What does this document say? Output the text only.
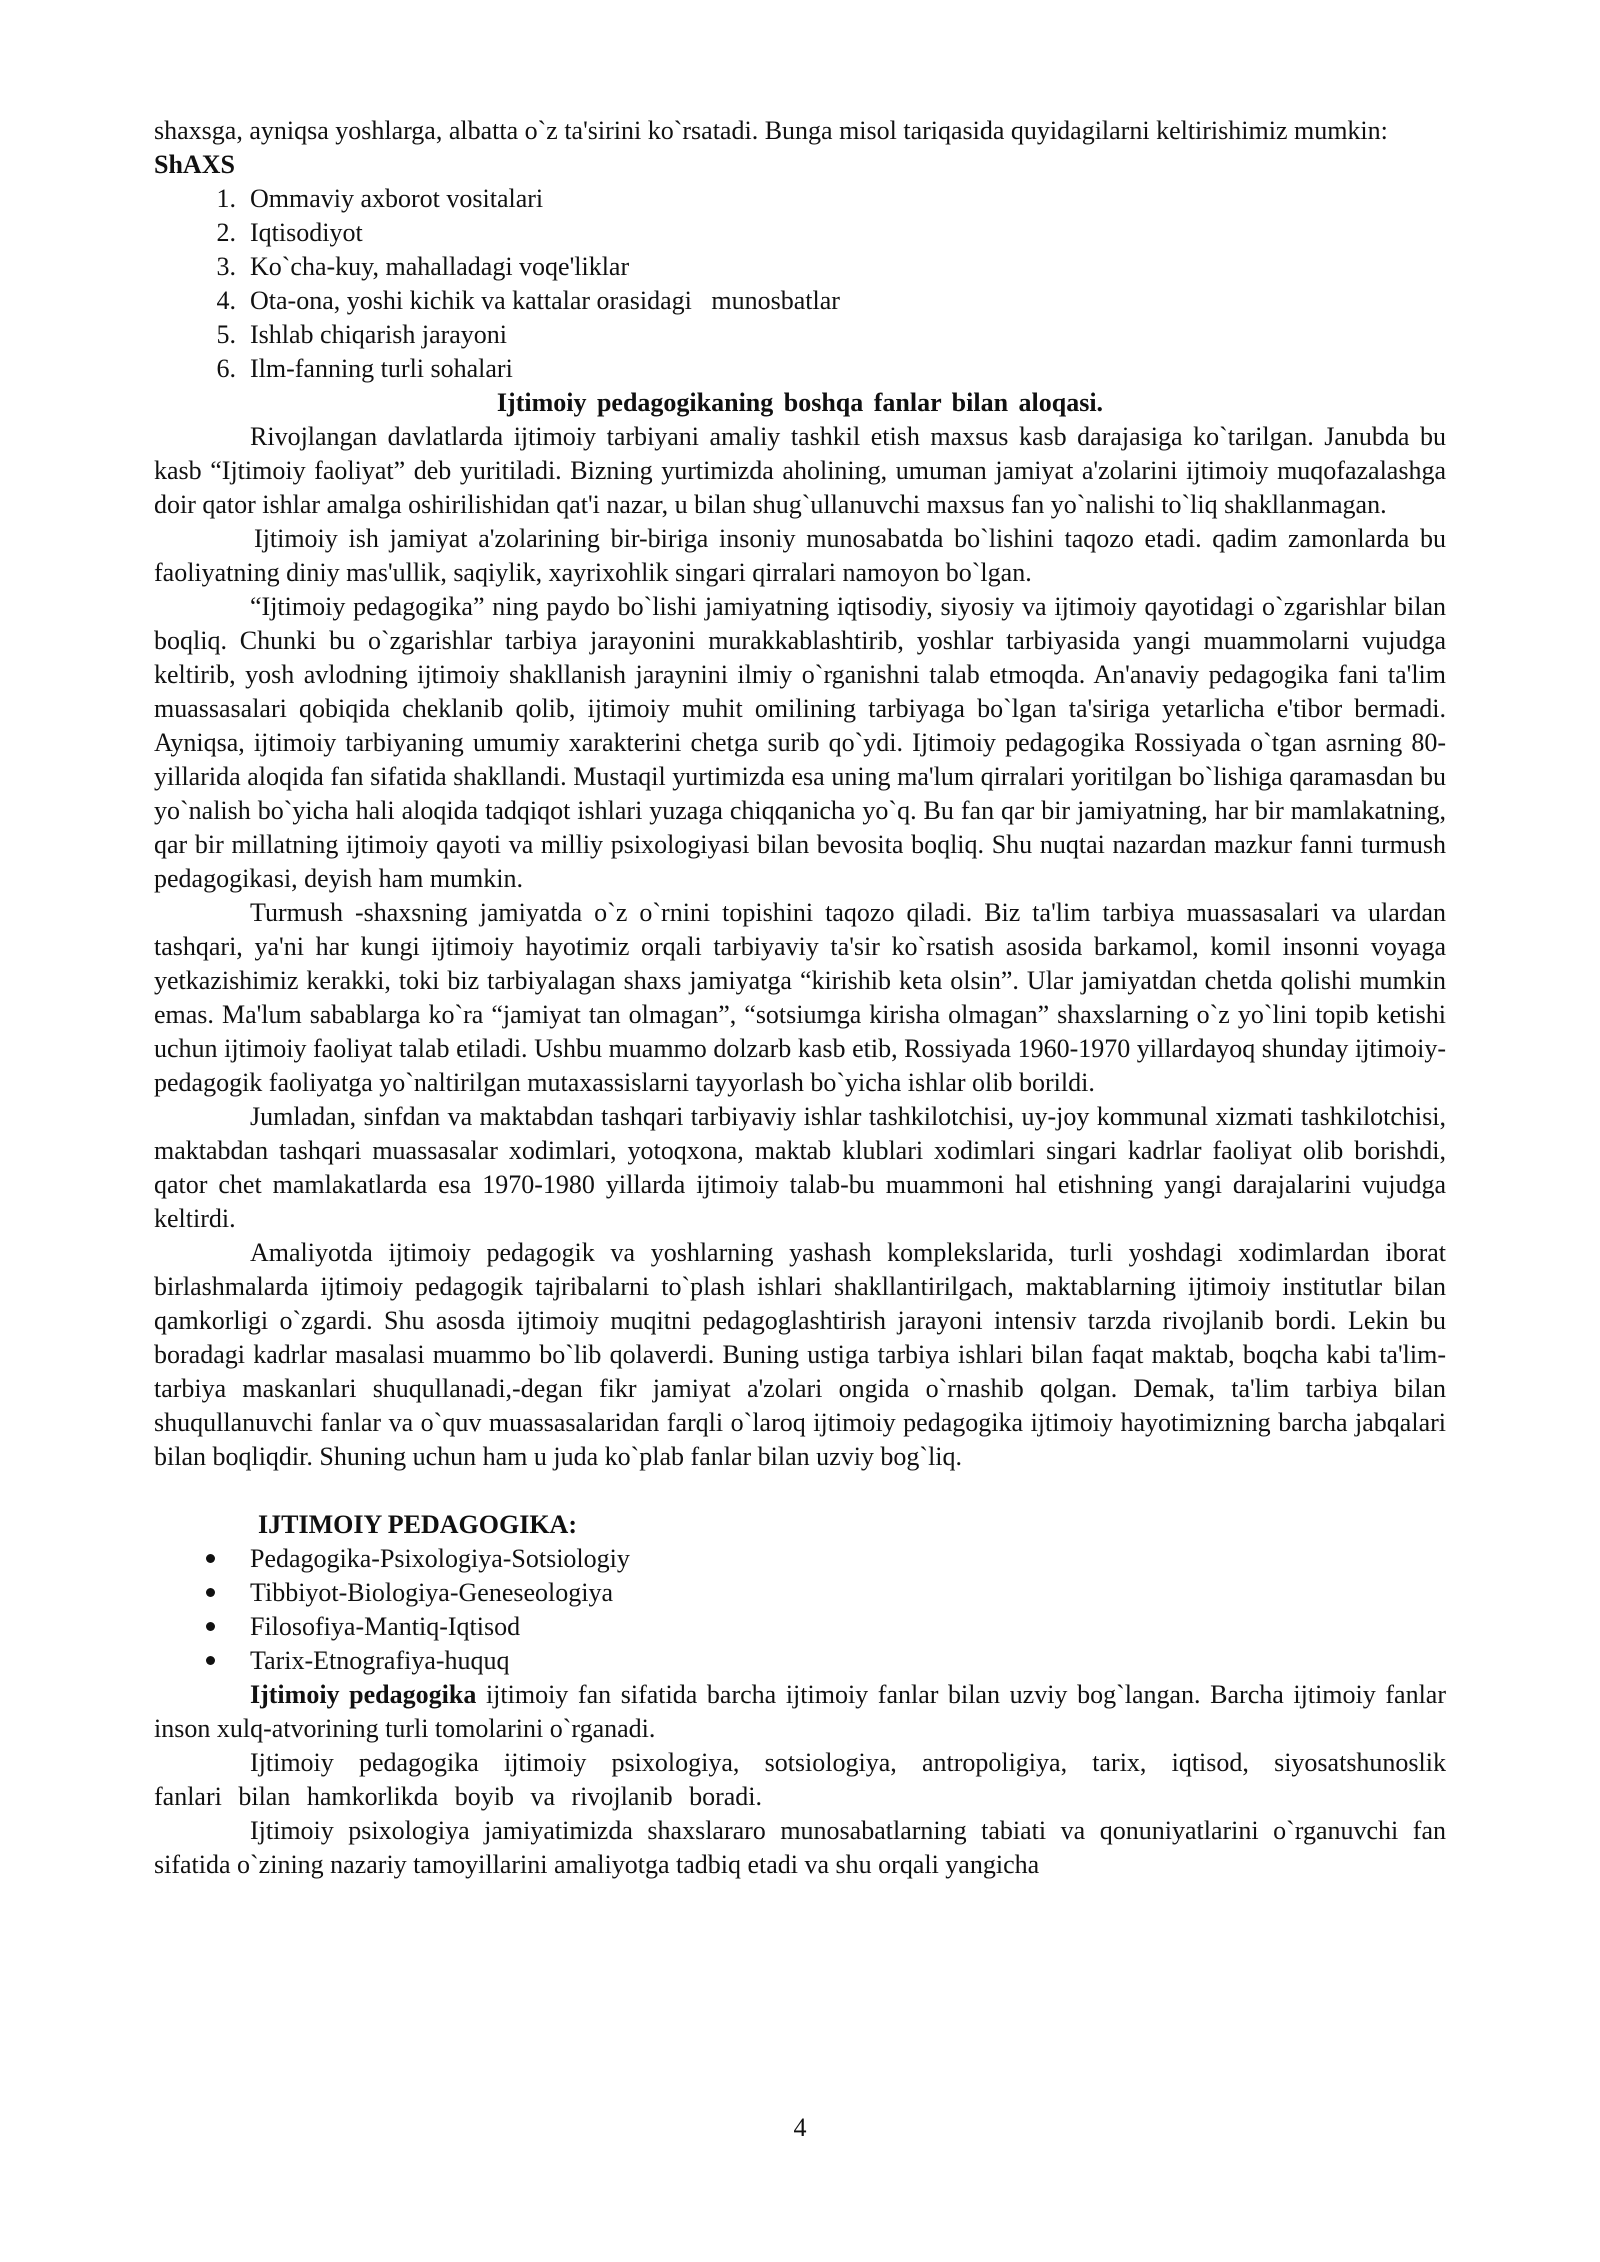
shaxsga, ayniqsa yoshlarga, albatta o`z ta'sirini ko`rsatadi. Bunga misol tariqasida quyidagilarni keltirishimiz mumkin:

ShAXS

1. Ommaviy axborot vositalari
2. Iqtisodiyot
3. Ko`cha-kuy, mahalladagi voqe'liklar
4. Ota-ona, yoshi kichik va kattalar orasidagi   munosbatlar
5. Ishlab chiqarish jarayoni
6. Ilm-fanning turli sohalari

Ijtimoiy pedagogikaning boshqa fanlar bilan aloqasi.

Rivojlangan davlatlarda ijtimoiy tarbiyani amaliy tashkil etish maxsus kasb darajasiga ko`tarilgan. Janubda bu kasb “Ijtimoiy faoliyat” deb yuritiladi. Bizning yurtimizda aholining, umuman jamiyat a'zolarini ijtimoiy muqofazalashga doir qator ishlar amalga oshirilishidan qat'i nazar, u bilan shug`ullanuvchi maxsus fan yo`nalishi to`liq shakllanmagan.

Ijtimoiy ish jamiyat a'zolarining bir-biriga insoniy munosabatda bo`lishini taqozo etadi. qadim zamonlarda bu faoliyatning diniy mas'ullik, saqiylik, xayrixohlik singari qirralari namoyon bo`lgan.

“Ijtimoiy pedagogika” ning paydo bo`lishi jamiyatning iqtisodiy, siyosiy va ijtimoiy qayotidagi o`zgarishlar bilan boqliq. Chunki bu o`zgarishlar tarbiya jarayonini murakkablashtirib, yoshlar tarbiyasida yangi muammolarni vujudga keltirib, yosh avlodning ijtimoiy shakllanish jaraynini ilmiy o`rganishni talab etmoqda. An'anaviy pedagogika fani ta'lim muassasalari qobiqida cheklanib qolib, ijtimoiy muhit omilining tarbiyaga bo`lgan ta'siriga yetarlicha e'tibor bermadi. Ayniqsa, ijtimoiy tarbiyaning umumiy xarakterini chetga surib qo`ydi. Ijtimoiy pedagogika Rossiyada o`tgan asrning 80-yillarida aloqida fan sifatida shakllandi. Mustaqil yurtimizda esa uning ma'lum qirralari yoritilgan bo`lishiga qaramasdan bu yo`nalish bo`yicha hali aloqida tadqiqot ishlari yuzaga chiqqanicha yo`q. Bu fan qar bir jamiyatning, har bir mamlakatning, qar bir millatning ijtimoiy qayoti va milliy psixologiyasi bilan bevosita boqliq. Shu nuqtai nazardan mazkur fanni turmush pedagogikasi, deyish ham mumkin.

Turmush -shaxsning jamiyatda o`z o`rnini topishini taqozo qiladi. Biz ta'lim tarbiya muassasalari va ulardan tashqari, ya'ni har kungi ijtimoiy hayotimiz orqali tarbiyaviy ta'sir ko`rsatish asosida barkamol, komil insonni voyaga yetkazishimiz kerakki, toki biz tarbiyalagan shaxs jamiyatga “kirishib keta olsin”. Ular jamiyatdan chetda qolishi mumkin emas. Ma'lum sabablarga ko`ra “jamiyat tan olmagan”, “sotsiumga kirisha olmagan” shaxslarning o`z yo`lini topib ketishi uchun ijtimoiy faoliyat talab etiladi. Ushbu muammo dolzarb kasb etib, Rossiyada 1960-1970 yillardayoq shunday ijtimoiy-pedagogik faoliyatga yo`naltirilgan mutaxassislarni tayyorlash bo`yicha ishlar olib borildi.

Jumladan, sinfdan va maktabdan tashqari tarbiyaviy ishlar tashkilotchisi, uy-joy kommunal xizmati tashkilotchisi, maktabdan tashqari muassasalar xodimlari, yotoqxona, maktab klublari xodimlari singari kadrlar faoliyat olib borishdi, qator chet mamlakatlarda esa 1970-1980 yillarda ijtimoiy talab-bu muammoni hal etishning yangi darajalarini vujudga keltirdi.

Amaliyotda ijtimoiy pedagogik va yoshlarning yashash komplekslarida, turli yoshdagi xodimlardan iborat birlashmalarda ijtimoiy pedagogik tajribalarni to`plash ishlari shakllantirilgach, maktablarning ijtimoiy institutlar bilan qamkorligi o`zgardi. Shu asosda ijtimoiy muqitni pedagoglashtirish jarayoni intensiv tarzda rivojlanib bordi. Lekin bu boradagi kadrlar masalasi muammo bo`lib qolaverdi. Buning ustiga tarbiya ishlari bilan faqat maktab, boqcha kabi ta'lim-tarbiya maskanlari shuqullanadi,-degan fikr jamiyat a'zolari ongida o`rnashib qolgan. Demak, ta'lim tarbiya bilan shuqullanuvchi fanlar va o`quv muassasalaridan farqli o`laroq ijtimoiy pedagogika ijtimoiy hayotimizning barcha jabqalari bilan boqliqdir. Shuning uchun ham u juda ko`plab fanlar bilan uzviy bog`liq.

IJTIMOIY PEDAGOGIKA:

Pedagogika-Psixologiya-Sotsiologiy
Tibbiyot-Biologiya-Geneseologiya
Filosofiya-Mantiq-Iqtisod
Tarix-Etnografiya-huquq

Ijtimoiy pedagogika ijtimoiy fan sifatida barcha ijtimoiy fanlar bilan uzviy bog`langan. Barcha ijtimoiy fanlar inson xulq-atvorining turli tomolarini o`rganadi.

Ijtimoiy pedagogika ijtimoiy psixologiya, sotsiologiya, antropoligiya, tarix, iqtisod, siyosatshunoslik fanlari bilan hamkorlikda boyib va rivojlanib boradi.

Ijtimoiy psixologiya jamiyatimizda shaxslararo munosabatlarning tabiati va qonuniyatlarini o`rganuvchi fan sifatida o`zining nazariy tamoyillarini amaliyotga tadbiq etadi va shu orqali yangicha

4
